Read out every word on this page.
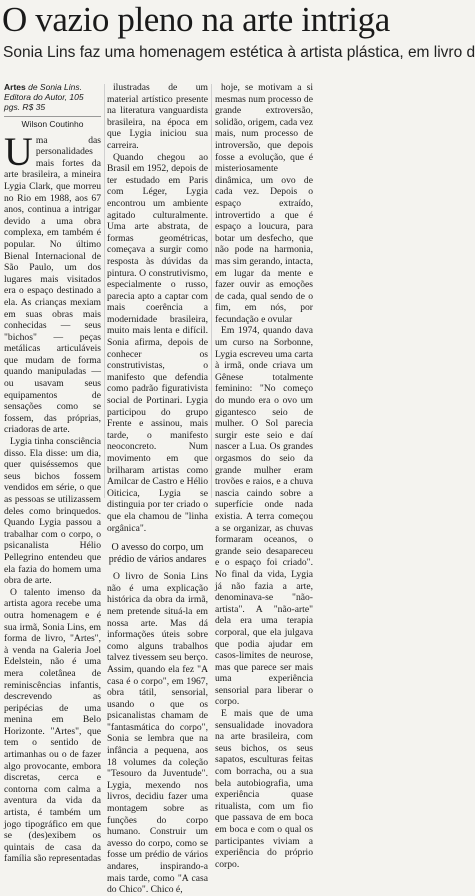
O vazio pleno na arte intriga
Sonia Lins faz uma homenagem estética à artista plástica, em livro d
Artes de Sonia Lins. Editora do Autor, 105 pgs. R$ 35
Wilson Coutinho

Uma das personalidades mais fortes da arte brasileira, a mineira Lygia Clark, que morreu no Rio em 1988, aos 67 anos, continua a intrigar devido a uma obra complexa, em também é popular. No último Bienal Internacional de São Paulo, um dos lugares mais visitados era o espaço destinado a ela. As crianças mexiam em suas obras mais conhecidas — seus "bichos" — peças metálicas articuláveis que mudam de forma quando manipuladas — ou usavam seus equipamentos de sensações como se fossem, das próprias, criadoras de arte.

Lygia tinha consciência disso. Ela disse: um dia, quer quiséssemos que seus bichos fossem vendidos em série, o que as pessoas se utilizassem deles como brinquedos. Quando Lygia passou a trabalhar com o corpo, o psicanalista Hélio Pellegrino entendeu que ela fazia do homem uma obra de arte.

O talento imenso da artista agora recebe uma outra homenagem e é sua irmã, Sonia Lins, em forma de livro, "Artes", à venda na Galeria Joel Edelstein, não é uma mera coletânea de reminiscências infantis, descrevendo as peripécias de uma menina em Belo Horizonte. "Artes", que tem o sentido de artimanhas ou o de fazer algo provocante, embora discretas, cerca e contorna com calma a aventura da vida da artista, é também um jogo tipográfico em que se (des)exibem os quintais de casa da família são representadas

ilustradas de um material artístico presente na literatura vanguardista brasileira, na época em que Lygia iniciou sua carreira.

Quando chegou ao Brasil em 1952, depois de ter estudado em Paris com Léger, Lygia encontrou um ambiente agitado culturalmente. Uma arte abstrata, de formas geométricas, começava a surgir como resposta às dúvidas da pintura. O construtivismo, especialmente o russo, parecia apto a captar com mais coerência a modernidade brasileira, muito mais lenta e difícil. Sonia afirma, depois de conhecer os construtivistas, o manifesto que defendia como padrão figurativista social de Portinari. Lygia participou do grupo Frente e assinou, mais tarde, o manifesto neoconcreto. Num movimento em que brilharam artistas como Amilcar de Castro e Hélio Oiticica, Lygia se distinguia por ter criado o que ela chamou de "linha orgânica".

O avesso do corpo, um prédio de vários andares

O livro de Sonia Lins não é uma explicação histórica da obra da irmã, nem pretende situá-la em nossa arte. Mas dá informações úteis sobre como alguns trabalhos talvez tivessem seu berço. Assim, quando ela fez "A casa é o corpo", em 1967, obra tátil, sensorial, usando o que os psicanalistas chamam de "fantasmática do corpo", Sonia se lembra que na infância a pequena, aos 18 volumes da coleção "Tesouro da Juventude". Lygia, mexendo nos livros, decidiu fazer uma montagem sobre as funções do corpo humano. Construir um avesso do corpo, como se fosse um prédio de vários andares, inspirando-a mais tarde, como "A casa do Chico". Chico é,

hoje, se motivam a si mesmas num processo de grande extroversão, solidão, origem, cada vez mais, num processo de introversão, que depois fosse a evolução, que é misteriosamente dinâmica, um ovo de cada vez. Depois o espaço extraído, introvertido a que é espaço a loucura, para botar um desfecho, que não pode na harmonia, mas sim gerando, intacta, em lugar da mente e fazer ouvir as emoções de cada, qual sendo de o fim, em nós, por fecundação e ovular

Em 1974, quando dava um curso na Sorbonne, Lygia escreveu uma carta à irmã, onde criava um Gênese totalmente feminino: "No começo do mundo era o ovo um gigantesco seio de mulher. O Sol parecia surgir este seio e daí nascer a Lua. Os grandes orgasmos do seio da grande mulher eram trovões e raios, e a chuva nascia caindo sobre a superfície onde nada existia. A terra começou a se organizar, as chuvas formaram oceanos, o grande seio desapareceu e o espaço foi criado". No final da vida, Lygia já não fazia a arte, denominava-se "não-artista". A "não-arte" dela era uma terapia corporal, que ela julgava que podia ajudar em casos-limites de neurose, mas que parece ser mais uma experiência sensorial para liberar o corpo.

E mais que de uma sensualidade inovadora na arte brasileira, com seus bichos, os seus sapatos, esculturas feitas com borracha, ou a sua bela autobiografia, uma experiência quase ritualista, com um fio que passava de em boca em boca e com o qual os participantes viviam a experiência do próprio corpo.
